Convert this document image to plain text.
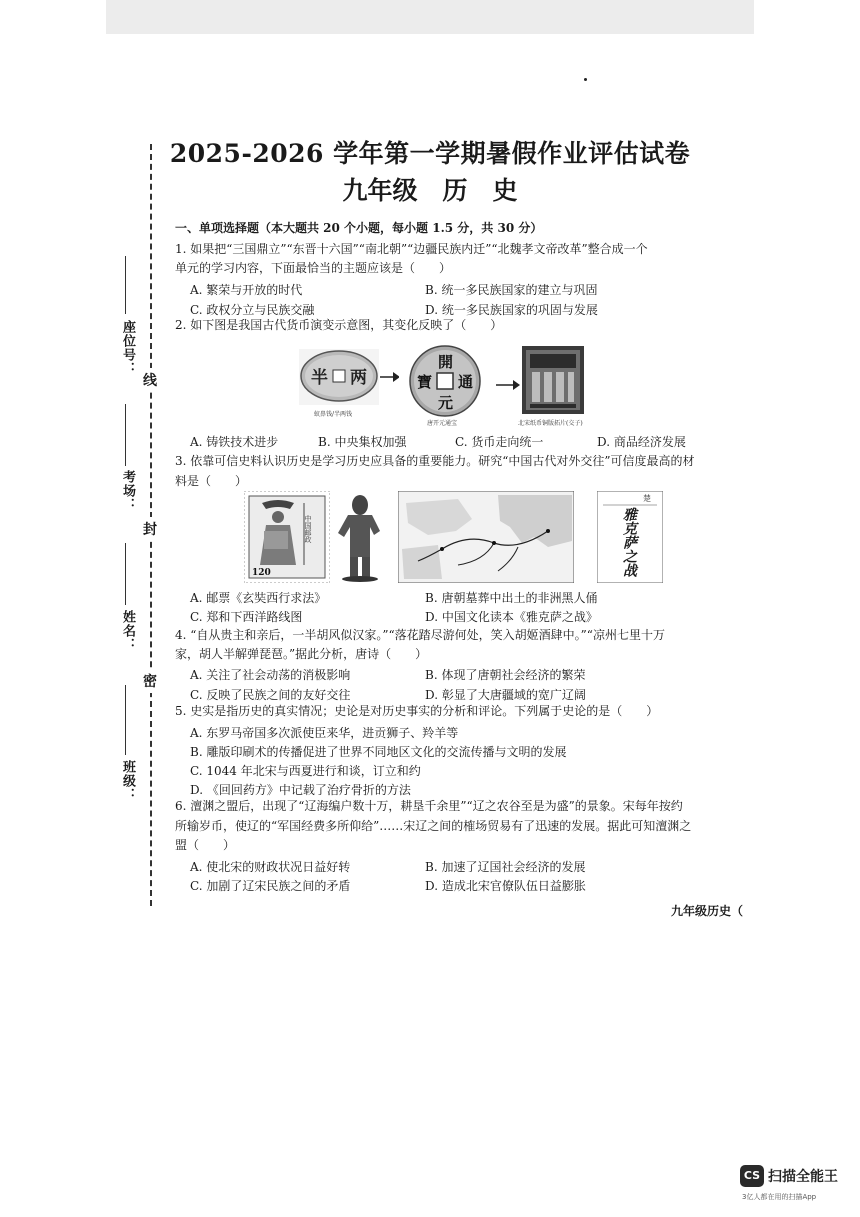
2025-2026 学年第一学期暑假作业评估试卷
九年级　历　史
座位号：
线
考场：
封
姓名：
密
班级：
一、单项选择题（本大题共 20 个小题，每小题 1.5 分，共 30 分）
1. 如果把“三国鼎立”“东晋十六国”“南北朝”“边疆民族内迁”“北魏孝文帝改革”整合成一个
单元的学习内容，下面最恰当的主题应该是（　　）
A. 繁荣与开放的时代	B. 统一多民族国家的建立与巩固
C. 政权分立与民族交融	D. 统一多民族国家的巩固与发展
2. 如下图是我国古代货币演变示意图，其变化反映了（　　）
半 两
蚁鼻钱/半两钱
開
元
通
寶
唐开元通宝	北宋纸币铜版拓片(交子)
A. 铸铁技术进步	B. 中央集权加强	C. 货币走向统一	D. 商品经济发展
3. 依靠可信史料认识历史是学习历史应具备的重要能力。研究“中国古代对外交往”可信度最高的材
料是（　　）
120
中国邮政
楚
雅克萨之战
A. 邮票《玄奘西行求法》	B. 唐朝墓葬中出土的非洲黑人俑
C. 郑和下西洋路线图	D. 中国文化读本《雅克萨之战》
4. “自从贵主和亲后，一半胡风似汉家。”“落花踏尽游何处，笑入胡姬酒肆中。”“凉州七里十万
家，胡人半解弹琵琶。”据此分析，唐诗（　　）
A. 关注了社会动荡的消极影响	B. 体现了唐朝社会经济的繁荣
C. 反映了民族之间的友好交往	D. 彰显了大唐疆域的宽广辽阔
5. 史实是指历史的真实情况；史论是对历史事实的分析和评论。下列属于史论的是（　　）
A. 东罗马帝国多次派使臣来华，进贡狮子、羚羊等
B. 雕版印刷术的传播促进了世界不同地区文化的交流传播与文明的发展
C. 1044 年北宋与西夏进行和谈，订立和约
D. 《回回药方》中记载了治疗骨折的方法
6. 澶渊之盟后，出现了“辽海编户数十万，耕垦千余里”“辽之农谷至是为盛”的景象。宋每年按约
所输岁币，使辽的“军国经费多所仰给”……宋辽之间的榷场贸易有了迅速的发展。据此可知澶渊之
盟（　　）
A. 使北宋的财政状况日益好转	B. 加速了辽国社会经济的发展
C. 加剧了辽宋民族之间的矛盾	D. 造成北宋官僚队伍日益膨胀
九年级历史（
CS 扫描全能王
3亿人都在用的扫描App
